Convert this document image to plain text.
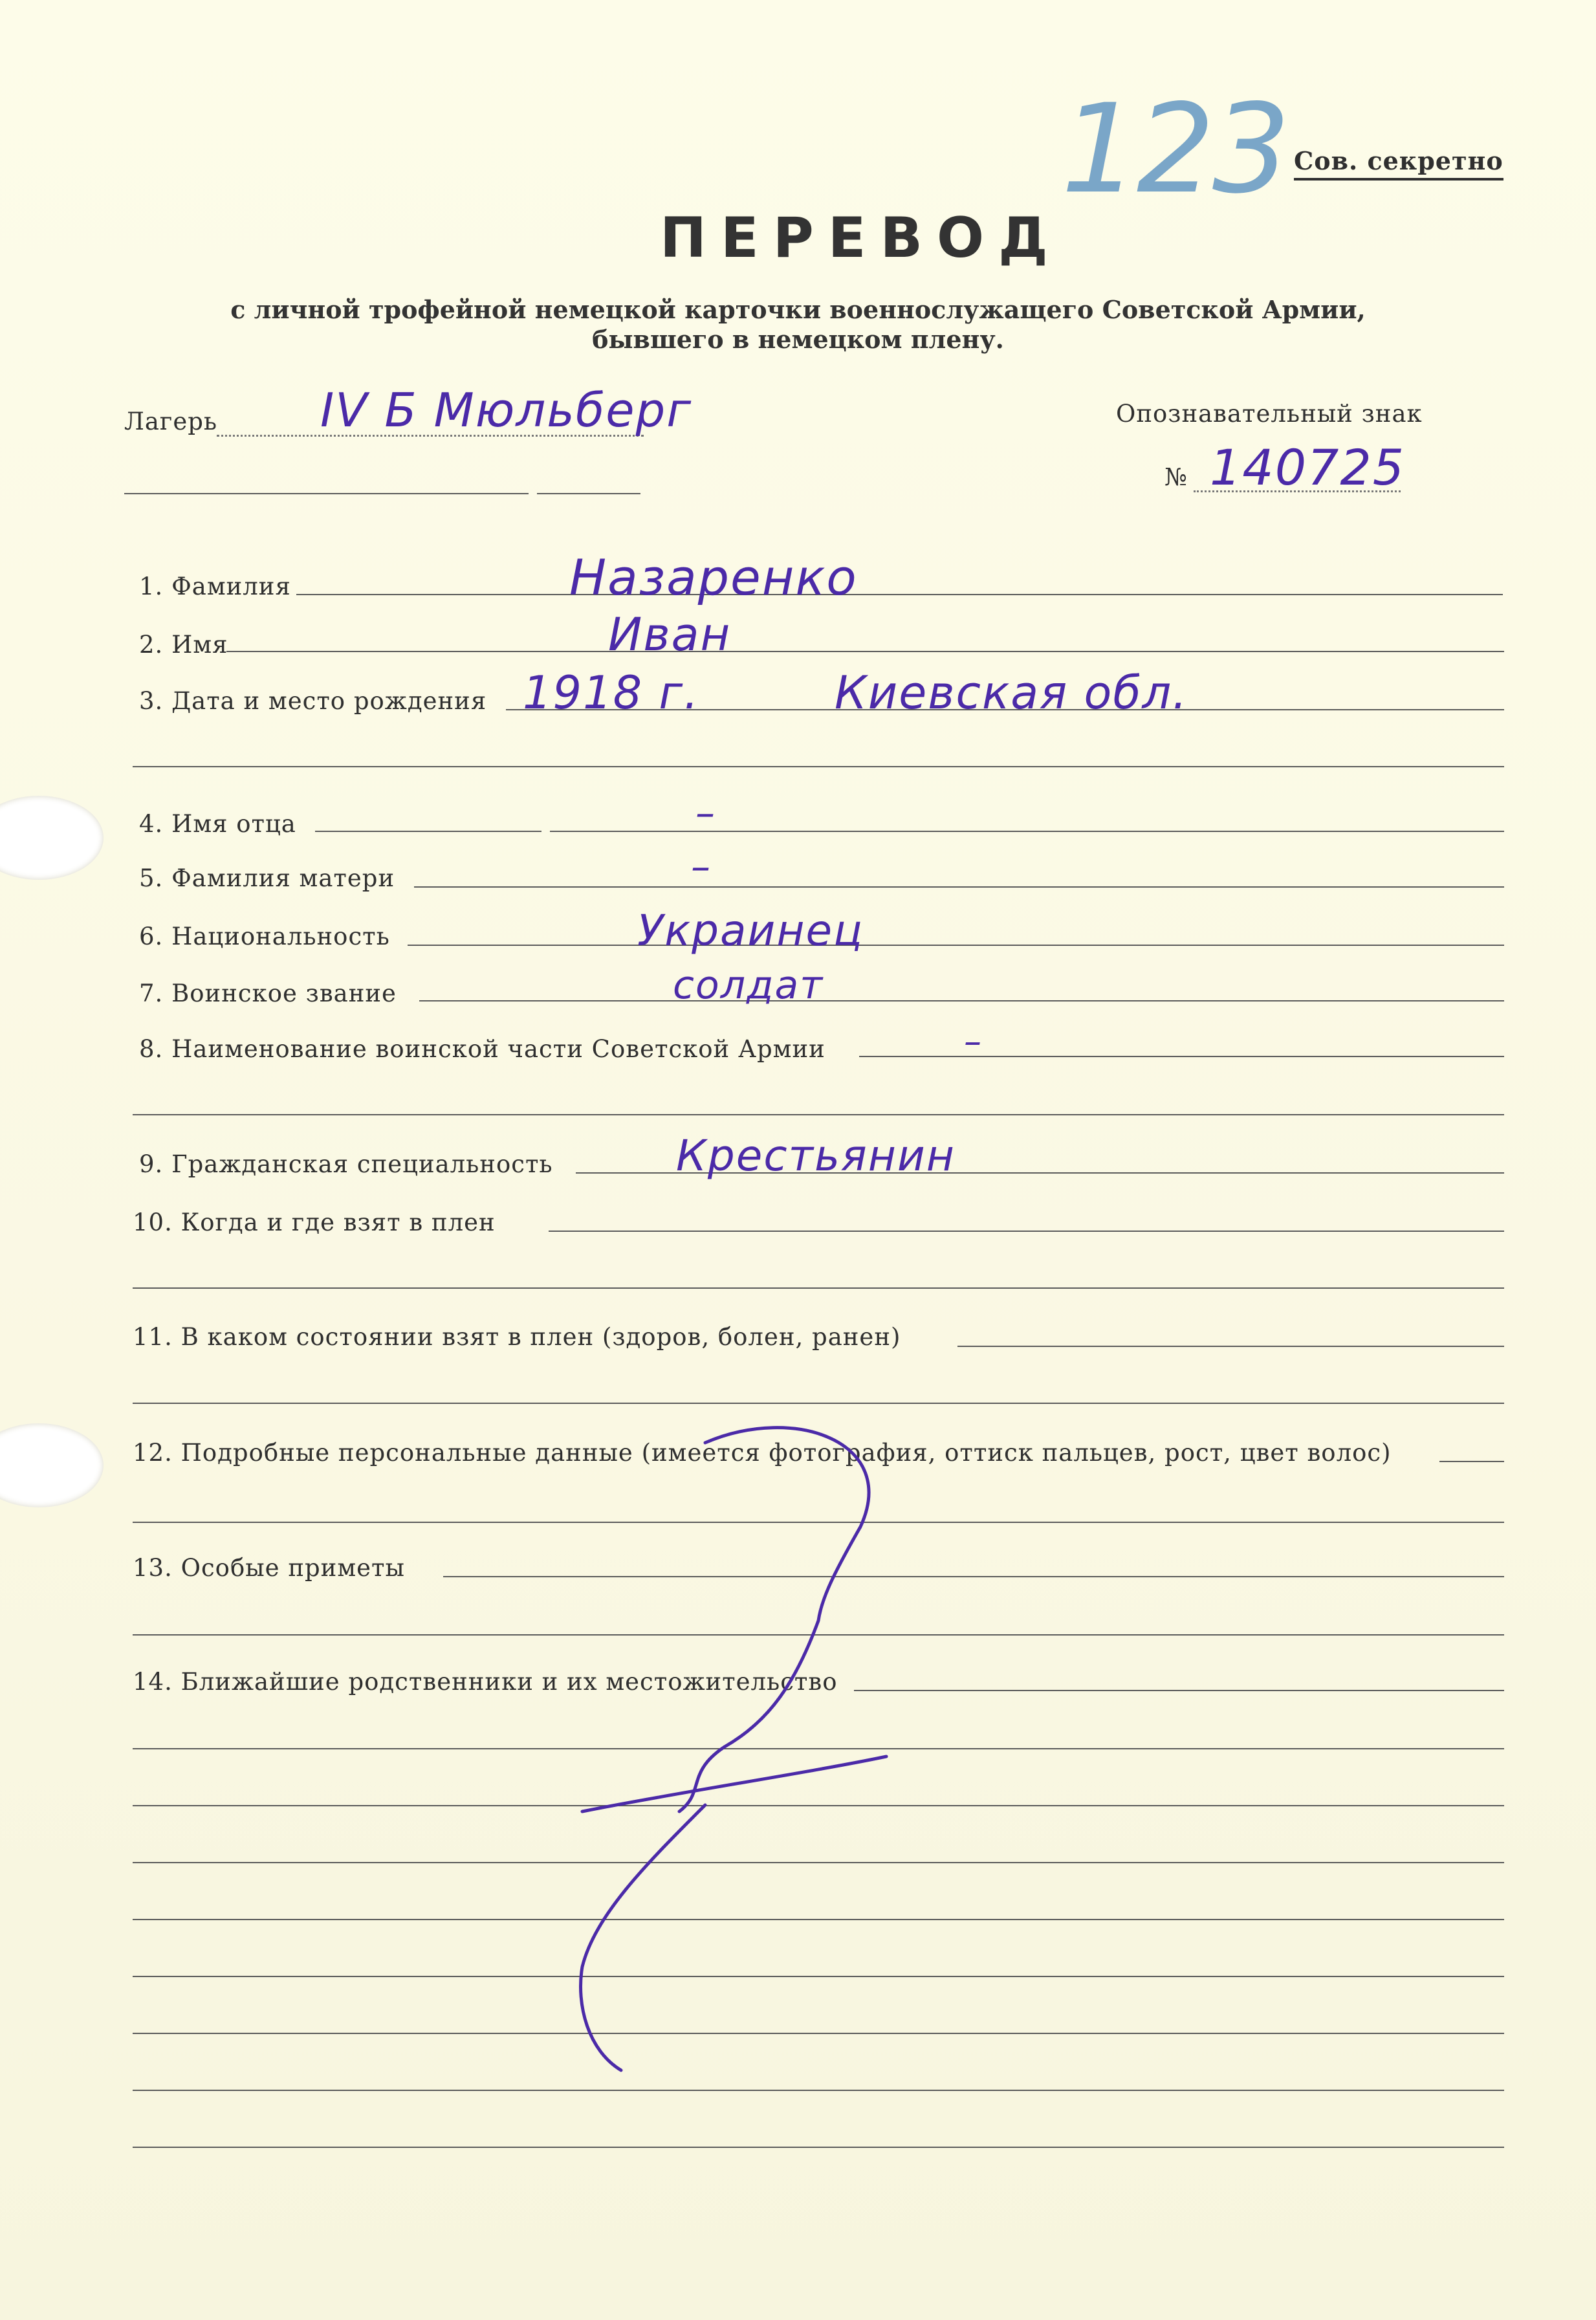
123 Сов. секретно
ПЕРЕВОД
с личной трофейной немецкой карточки военнослужащего Советской Армии,
бывшего в немецком плену.
Лагерь IV Б Мюльберг	Опознавательный знак
№ 140725
1. Фамилия	Назаренко
2. Имя	Иван
3. Дата и место рождения 1918 г.	Киевская обл.
4. Имя отца	–
5. Фамилия матери	–
6. Национальность	Украинец
7. Воинское звание	солдат
8. Наименование воинской части Советской Армии	–
9. Гражданская специальность	Крестьянин
10. Когда и где взят в плен
11. В каком состоянии взят в плен (здоров, болен, ранен)
12. Подробные персональные данные (имеется фотография, оттиск пальцев, рост, цвет волос)
13. Особые приметы
14. Ближайшие родственники и их местожительство
